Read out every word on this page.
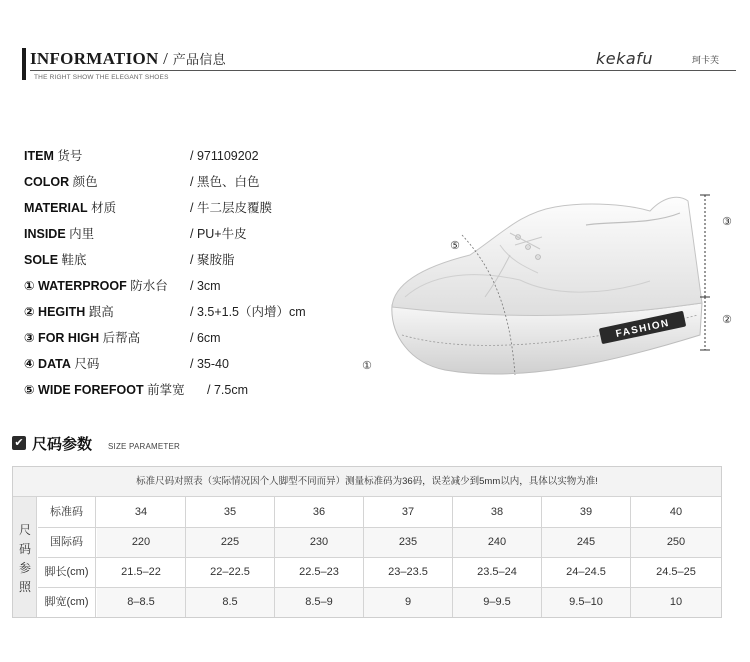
INFORMATION / 产品信息
THE RIGHT SHOW THE ELEGANT SHOES
kekafu	珂卡芙
ITEM 货号	/ 971109202
COLOR 颜色	/ 黑色、白色
MATERIAL 材质	/ 牛二层皮覆膜
INSIDE 内里	/ PU+牛皮
SOLE 鞋底	/ 聚胺脂
① WATERPROOF 防水台 / 3cm
② HEGITH 跟高	/ 3.5+1.5（内增）cm
③ FOR HIGH 后帮高	/ 6cm
④ DATA 尺码	/ 35-40
⑤ WIDE FOREFOOT 前掌宽 / 7.5cm
FASHION
③
②
⑤
①
✔ 尺码参数 SIZE PARAMETER
标准尺码对照表（实际情况因个人脚型不同而异）测量标准码为36码，误差减少到5mm以内，具体以实物为准!
尺
码
参
照
标准码	34	35	36	37	38	39	40
国际码	220	225	230	235	240	245	250
脚长(cm)	21.5–22	22–22.5	22.5–23	23–23.5	23.5–24	24–24.5	24.5–25
脚宽(cm)	8–8.5	8.5	8.5–9	9	9–9.5	9.5–10	10
